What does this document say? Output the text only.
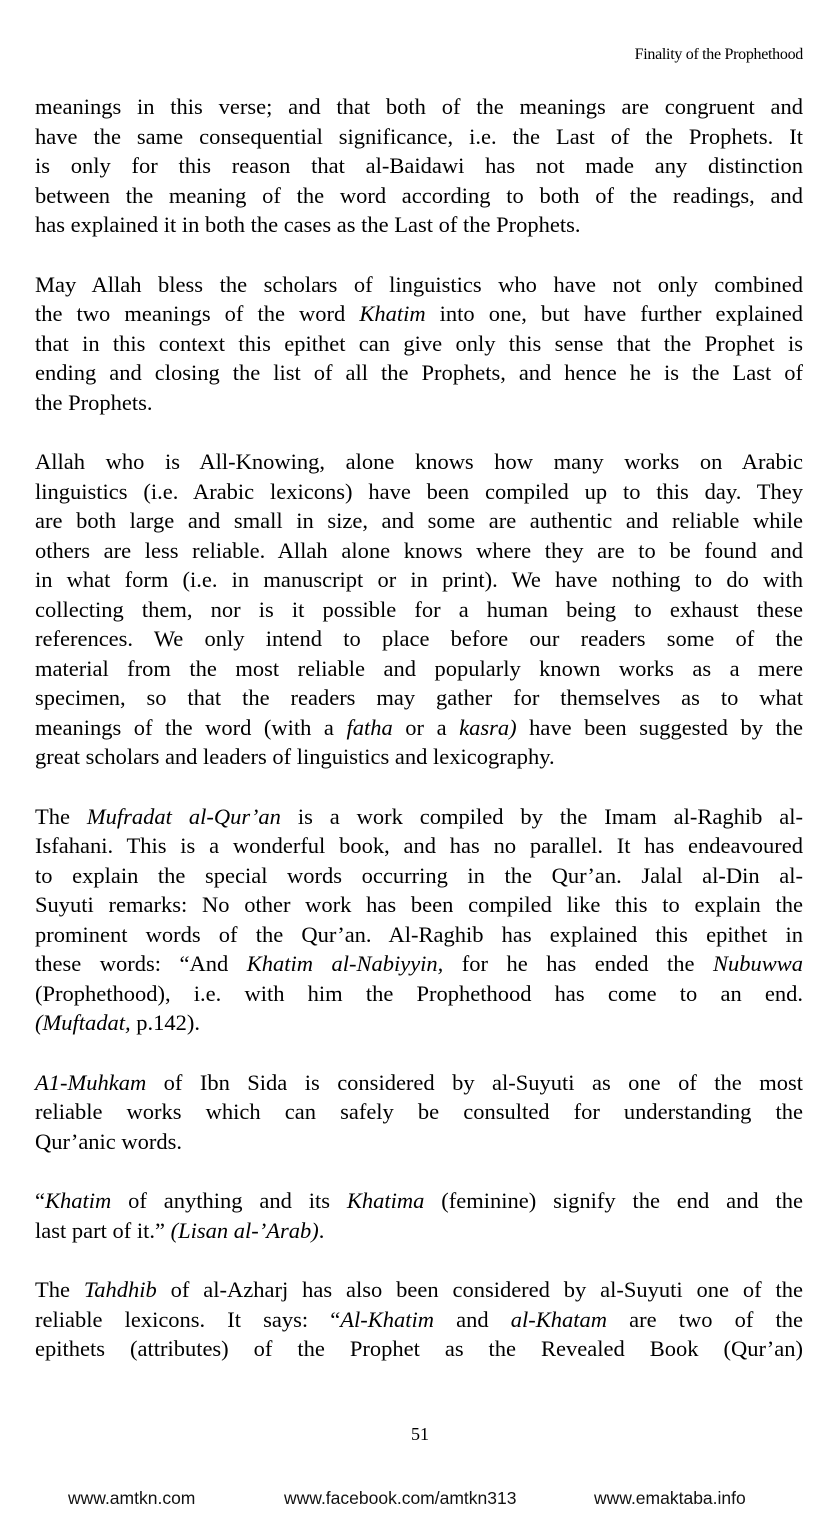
Finality of the Prophethood
meanings in this verse; and that both of the meanings are congruent and
have the same consequential significance, i.e. the Last of the Prophets. It
is only for this reason that al-Baidawi has not made any distinction
between the meaning of the word according to both of the readings, and
has explained it in both the cases as the Last of the Prophets.
May Allah bless the scholars of linguistics who have not only combined
the two meanings of the word Khatim into one, but have further explained
that in this context this epithet can give only this sense that the Prophet is
ending and closing the list of all the Prophets, and hence he is the Last of
the Prophets.
Allah who is All-Knowing, alone knows how many works on Arabic
linguistics (i.e. Arabic lexicons) have been compiled up to this day. They
are both large and small in size, and some are authentic and reliable while
others are less reliable. Allah alone knows where they are to be found and
in what form (i.e. in manuscript or in print). We have nothing to do with
collecting them, nor is it possible for a human being to exhaust these
references. We only intend to place before our readers some of the
material from the most reliable and popularly known works as a mere
specimen, so that the readers may gather for themselves as to what
meanings of the word (with a fatha or a kasra) have been suggested by the
great scholars and leaders of linguistics and lexicography.
The Mufradat al-Qur’an is a work compiled by the Imam al-Raghib al-
Isfahani. This is a wonderful book, and has no parallel. It has endeavoured
to explain the special words occurring in the Qur’an. Jalal al-Din al-
Suyuti remarks: No other work has been compiled like this to explain the
prominent words of the Qur’an. Al-Raghib has explained this epithet in
these words: “And Khatim al-Nabiyyin, for he has ended the Nubuwwa
(Prophethood), i.e. with him the Prophethood has come to an end.
(Muftadat, p.142).
A1-Muhkam of Ibn Sida is considered by al-Suyuti as one of the most
reliable works which can safely be consulted for understanding the
Qur’anic words.
“Khatim of anything and its Khatima (feminine) signify the end and the
last part of it.” (Lisan al-’Arab).
The Tahdhib of al-Azharj has also been considered by al-Suyuti one of the
reliable lexicons. It says: “Al-Khatim and al-Khatam are two of the
epithets (attributes) of the Prophet as the Revealed Book (Qur’an)
51
www.amtkn.com	www.facebook.com/amtkn313	www.emaktaba.info
